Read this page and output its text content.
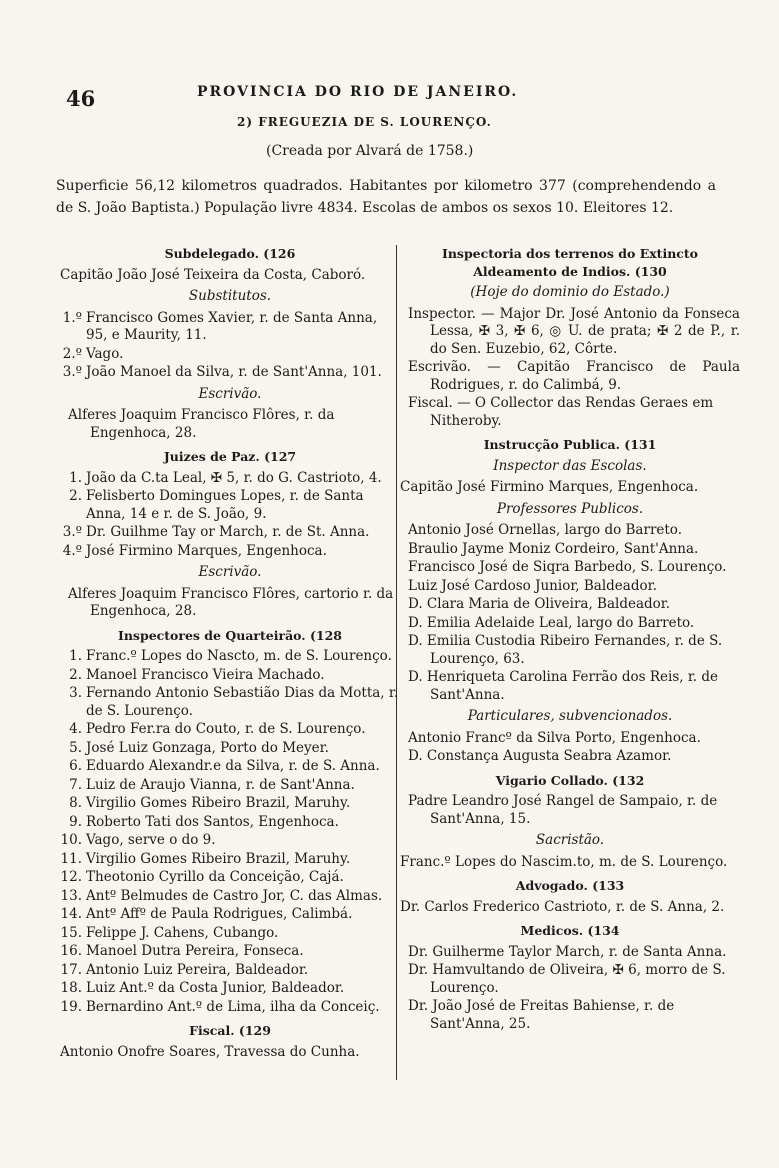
46	PROVINCIA DO RIO DE JANEIRO.
2) FREGUEZIA DE S. LOURENÇO.
(Creada por Alvará de 1758.)
Superficie 56,12 kilometros quadrados. Habitantes por kilometro 377 (comprehendendo a de S. João Baptista.) População livre 4834. Escolas de ambos os sexos 10. Eleitores 12.
Subdelegado. (126
Capitão João José Teixeira da Costa, Caboró.
Substitutos.
1.º Francisco Gomes Xavier, r. de Santa Anna, 95, e Maurity, 11.
2.º Vago.
3.º João Manoel da Silva, r. de Sant'Anna, 101.
Escrivão.
Alferes Joaquim Francisco Flôres, r. da Engenhoca, 28.
Juizes de Paz. (127
1. João da C.ta Leal, ✠ 5, r. do G. Castrioto, 4.
2. Felisberto Domingues Lopes, r. de Santa Anna, 14 e r. de S. João, 9.
3.º Dr. Guilhme Tay or March, r. de St. Anna.
4.º José Firmino Marques, Engenhoca.
Escrivão.
Alferes Joaquim Francisco Flôres, cartorio r. da Engenhoca, 28.
Inspectores de Quarteirão. (128
1. Franc.º Lopes do Nascto, m. de S. Lourenço.
2. Manoel Francisco Vieira Machado.
3. Fernando Antonio Sebastião Dias da Motta, r. de S. Lourenço.
4. Pedro Fer.ra do Couto, r. de S. Lourenço.
5. José Luiz Gonzaga, Porto do Meyer.
6. Eduardo Alexandr.e da Silva, r. de S. Anna.
7. Luiz de Araujo Vianna, r. de Sant'Anna.
8. Virgilio Gomes Ribeiro Brazil, Maruhy.
9. Roberto Tati dos Santos, Engenhoca.
10. Vago, serve o do 9.
11. Virgilio Gomes Ribeiro Brazil, Maruhy.
12. Theotonio Cyrillo da Conceição, Cajá.
13. Antº Belmudes de Castro Jor, C. das Almas.
14. Antº Affº de Paula Rodrigues, Calimbá.
15. Felippe J. Cahens, Cubango.
16. Manoel Dutra Pereira, Fonseca.
17. Antonio Luiz Pereira, Baldeador.
18. Luiz Ant.º da Costa Junior, Baldeador.
19. Bernardino Ant.º de Lima, ilha da Conceiç.
Fiscal. (129
Antonio Onofre Soares, Travessa do Cunha.
Inspectoria dos terrenos do Extincto
Aldeamento de Indios. (130
(Hoje do dominio do Estado.)
Inspector. — Major Dr. José Antonio da Fonseca Lessa, ✠ 3, ✠ 6, ◎ U. de prata; ✠ 2 de P., r. do Sen. Euzebio, 62, Côrte.
Escrivão. — Capitão Francisco de Paula Rodrigues, r. do Calimbá, 9.
Fiscal. — O Collector das Rendas Geraes em Nitheroby.
Instrucção Publica. (131
Inspector das Escolas.
Capitão José Firmino Marques, Engenhoca.
Professores Publicos.
Antonio José Ornellas, largo do Barreto.
Braulio Jayme Moniz Cordeiro, Sant'Anna.
Francisco José de Siqra Barbedo, S. Lourenço.
Luiz José Cardoso Junior, Baldeador.
D. Clara Maria de Oliveira, Baldeador.
D. Emilia Adelaide Leal, largo do Barreto.
D. Emilia Custodia Ribeiro Fernandes, r. de S. Lourenço, 63.
D. Henriqueta Carolina Ferrão dos Reis, r. de Sant'Anna.
Particulares, subvencionados.
Antonio Francº da Silva Porto, Engenhoca.
D. Constança Augusta Seabra Azamor.
Vigario Collado. (132
Padre Leandro José Rangel de Sampaio, r. de Sant'Anna, 15.
Sacristão.
Franc.º Lopes do Nascim.to, m. de S. Lourenço.
Advogado. (133
Dr. Carlos Frederico Castrioto, r. de S. Anna, 2.
Medicos. (134
Dr. Guilherme Taylor March, r. de Santa Anna.
Dr. Hamvultando de Oliveira, ✠ 6, morro de S. Lourenço.
Dr. João José de Freitas Bahiense, r. de Sant'Anna, 25.
